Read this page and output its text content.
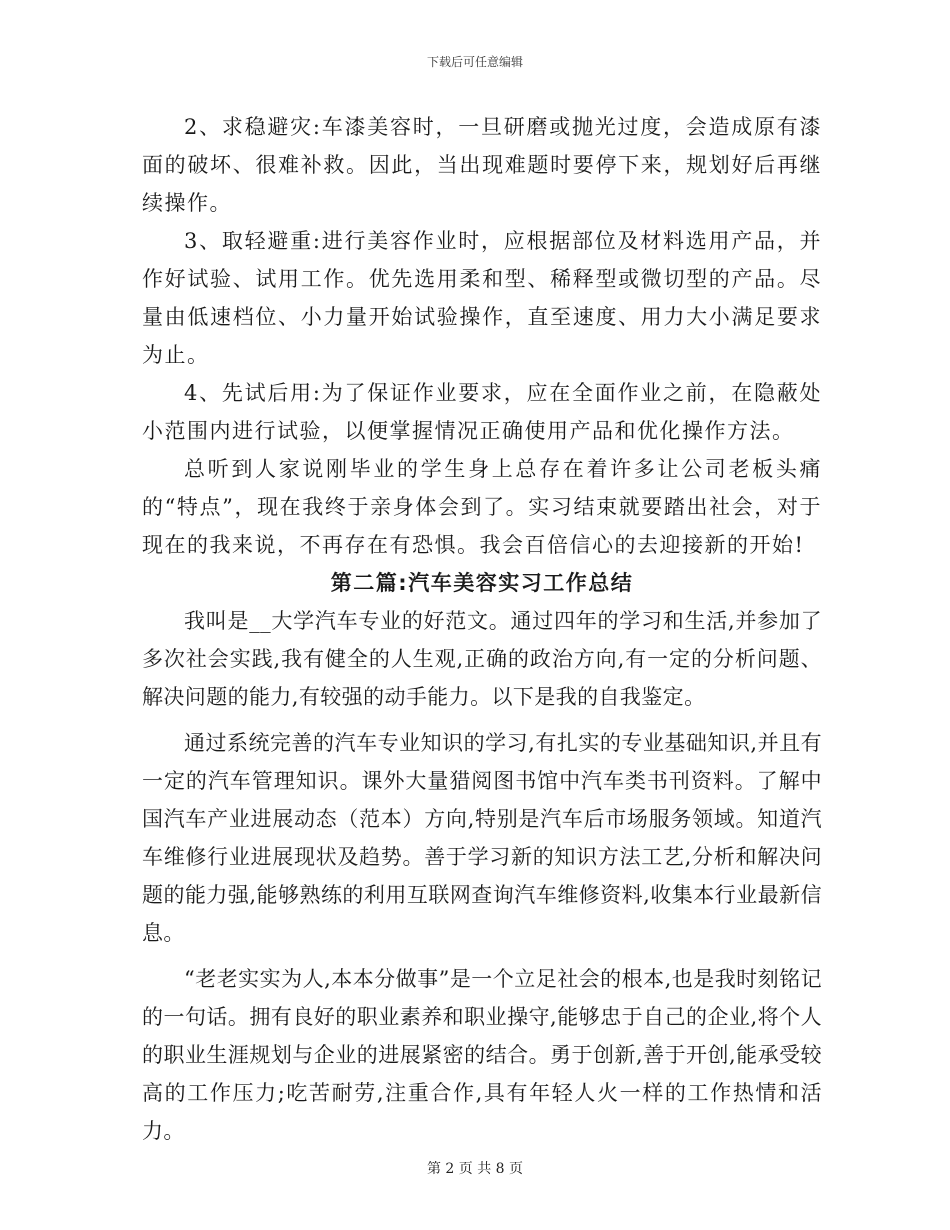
下载后可任意编辑

2、求稳避灾:车漆美容时，一旦研磨或抛光过度，会造成原有漆面的破坏、很难补救。因此，当出现难题时要停下来，规划好后再继续操作。

3、取轻避重:进行美容作业时，应根据部位及材料选用产品，并作好试验、试用工作。优先选用柔和型、稀释型或微切型的产品。尽量由低速档位、小力量开始试验操作，直至速度、用力大小满足要求为止。

4、先试后用:为了保证作业要求，应在全面作业之前，在隐蔽处小范围内进行试验，以便掌握情况正确使用产品和优化操作方法。

总听到人家说刚毕业的学生身上总存在着许多让公司老板头痛的“特点”，现在我终于亲身体会到了。实习结束就要踏出社会，对于现在的我来说，不再存在有恐惧。我会百倍信心的去迎接新的开始!

第二篇:汽车美容实习工作总结

我叫是__大学汽车专业的好范文。通过四年的学习和生活,并参加了多次社会实践,我有健全的人生观,正确的政治方向,有一定的分析问题、解决问题的能力,有较强的动手能力。以下是我的自我鉴定。

通过系统完善的汽车专业知识的学习,有扎实的专业基础知识,并且有一定的汽车管理知识。课外大量猎阅图书馆中汽车类书刊资料。了解中国汽车产业进展动态（范本）方向,特别是汽车后市场服务领域。知道汽车维修行业进展现状及趋势。善于学习新的知识方法工艺,分析和解决问题的能力强,能够熟练的利用互联网查询汽车维修资料,收集本行业最新信息。

“老老实实为人,本本分做事”是一个立足社会的根本,也是我时刻铭记的一句话。拥有良好的职业素养和职业操守,能够忠于自己的企业,将个人的职业生涯规划与企业的进展紧密的结合。勇于创新,善于开创,能承受较高的工作压力;吃苦耐劳,注重合作,具有年轻人火一样的工作热情和活力。

第 2 页 共 8 页
